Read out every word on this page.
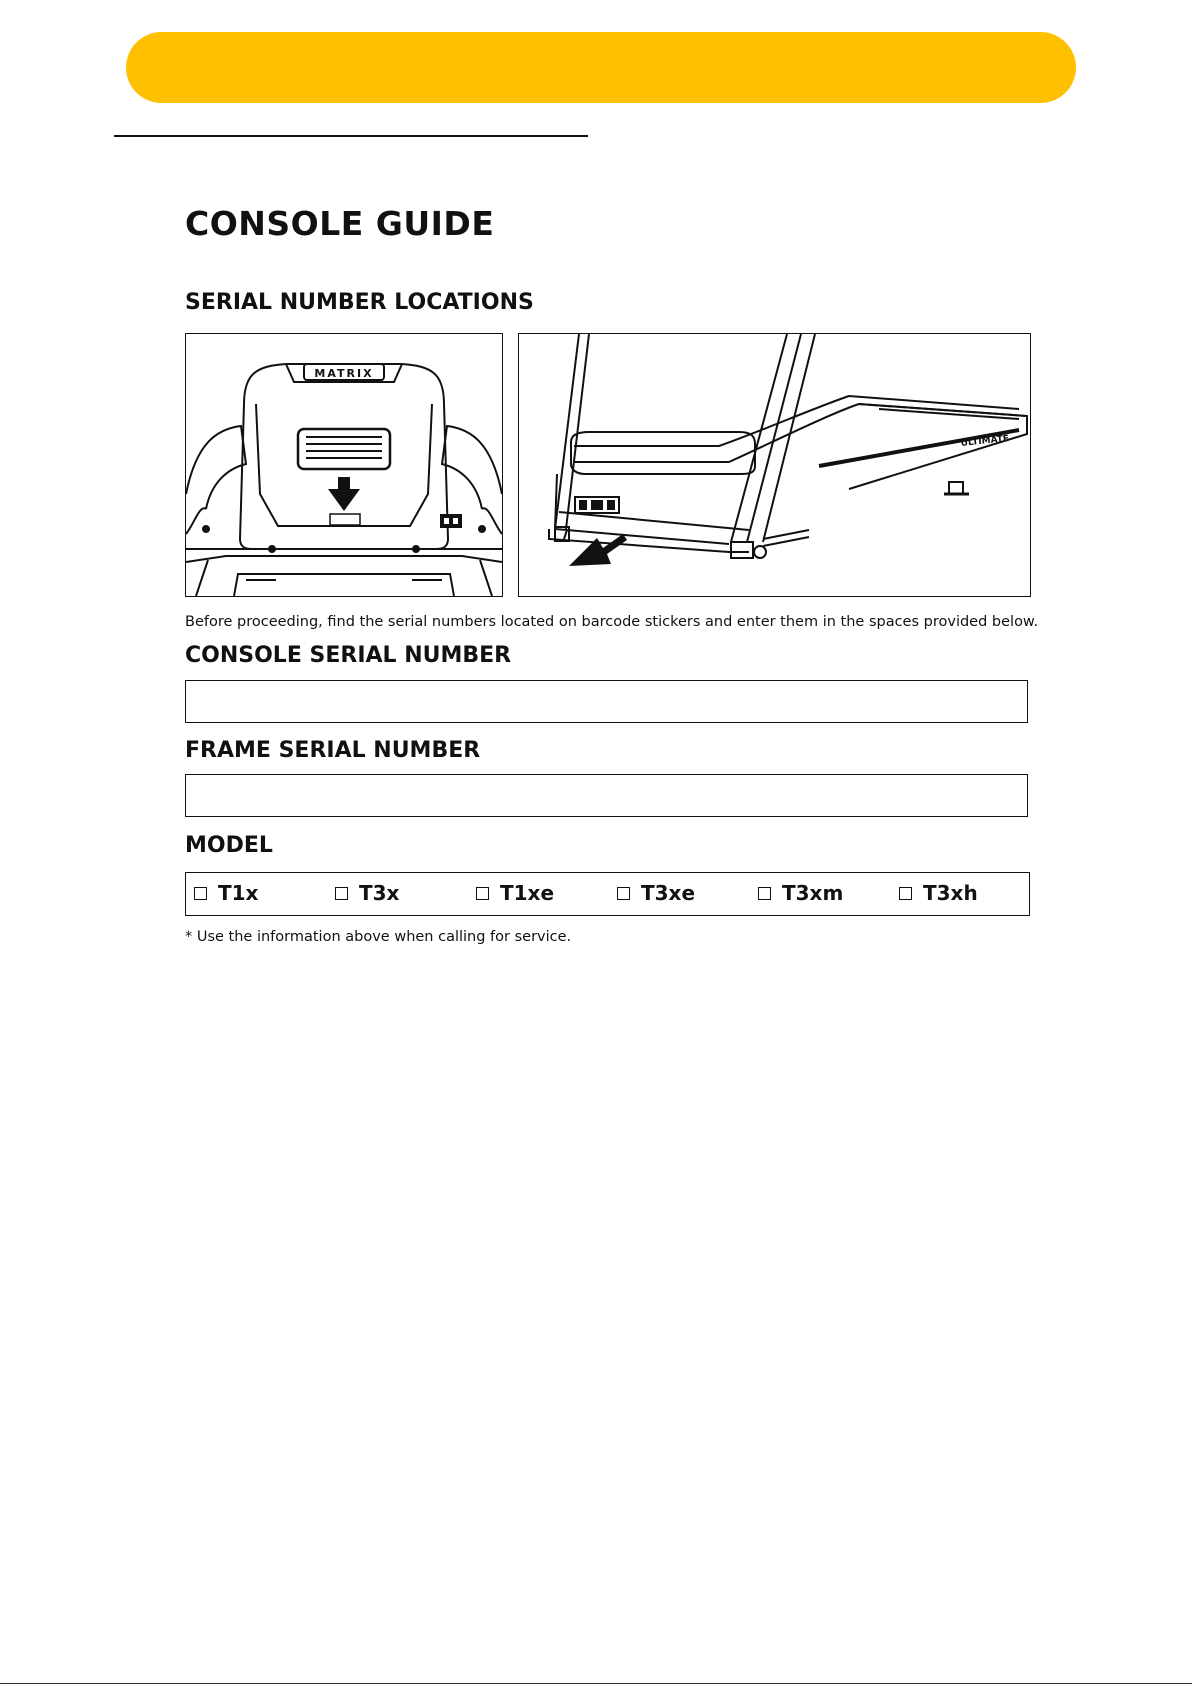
CONSOLE GUIDE
SERIAL NUMBER LOCATIONS
MATRIX
ULTIMATE

Before proceeding, find the serial numbers located on barcode stickers and enter them in the spaces provided below.

CONSOLE SERIAL NUMBER
FRAME SERIAL NUMBER
MODEL
T1x	T3x	T1xe	T3xe	T3xm	T3xh

* Use the information above when calling for service.
